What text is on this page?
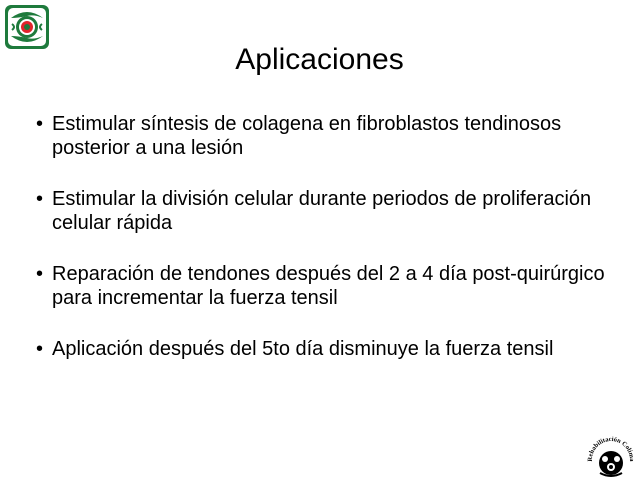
Aplicaciones
• Estimular síntesis de colagena en fibroblastos tendinosos posterior a una lesión
• Estimular la división celular durante periodos de proliferación celular rápida
• Reparación de tendones después del 2 a 4 día post-quirúrgico para incrementar la fuerza tensil
• Aplicación después del 5to día disminuye la fuerza tensil
Rehabilitación Colima
